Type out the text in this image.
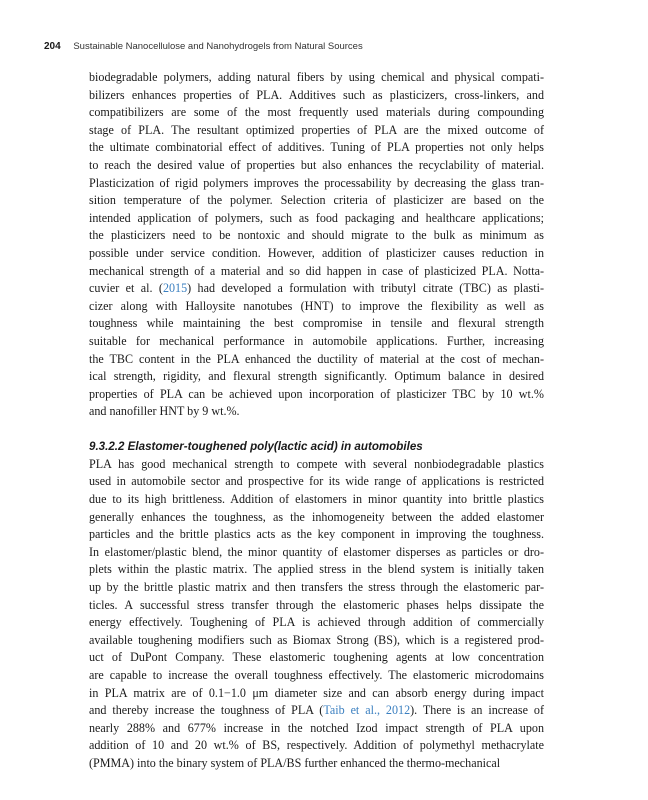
204 Sustainable Nanocellulose and Nanohydrogels from Natural Sources
biodegradable polymers, adding natural fibers by using chemical and physical compati-
bilizers enhances properties of PLA. Additives such as plasticizers, cross-linkers, and
compatibilizers are some of the most frequently used materials during compounding
stage of PLA. The resultant optimized properties of PLA are the mixed outcome of
the ultimate combinatorial effect of additives. Tuning of PLA properties not only helps
to reach the desired value of properties but also enhances the recyclability of material.
Plasticization of rigid polymers improves the processability by decreasing the glass tran-
sition temperature of the polymer. Selection criteria of plasticizer are based on the
intended application of polymers, such as food packaging and healthcare applications;
the plasticizers need to be nontoxic and should migrate to the bulk as minimum as
possible under service condition. However, addition of plasticizer causes reduction in
mechanical strength of a material and so did happen in case of plasticized PLA. Notta-
cuvier et al. (2015) had developed a formulation with tributyl citrate (TBC) as plasti-
cizer along with Halloysite nanotubes (HNT) to improve the flexibility as well as
toughness while maintaining the best compromise in tensile and flexural strength
suitable for mechanical performance in automobile applications. Further, increasing
the TBC content in the PLA enhanced the ductility of material at the cost of mechan-
ical strength, rigidity, and flexural strength significantly. Optimum balance in desired
properties of PLA can be achieved upon incorporation of plasticizer TBC by 10 wt.%
and nanofiller HNT by 9 wt.%.
9.3.2.2 Elastomer-toughened poly(lactic acid) in automobiles
PLA has good mechanical strength to compete with several nonbiodegradable plastics
used in automobile sector and prospective for its wide range of applications is restricted
due to its high brittleness. Addition of elastomers in minor quantity into brittle plastics
generally enhances the toughness, as the inhomogeneity between the added elastomer
particles and the brittle plastics acts as the key component in improving the toughness.
In elastomer/plastic blend, the minor quantity of elastomer disperses as particles or dro-
plets within the plastic matrix. The applied stress in the blend system is initially taken
up by the brittle plastic matrix and then transfers the stress through the elastomeric par-
ticles. A successful stress transfer through the elastomeric phases helps dissipate the
energy effectively. Toughening of PLA is achieved through addition of commercially
available toughening modifiers such as Biomax Strong (BS), which is a registered prod-
uct of DuPont Company. These elastomeric toughening agents at low concentration
are capable to increase the overall toughness effectively. The elastomeric microdomains
in PLA matrix are of 0.1−1.0 μm diameter size and can absorb energy during impact
and thereby increase the toughness of PLA (Taib et al., 2012). There is an increase of
nearly 288% and 677% increase in the notched Izod impact strength of PLA upon
addition of 10 and 20 wt.% of BS, respectively. Addition of polymethyl methacrylate
(PMMA) into the binary system of PLA/BS further enhanced the thermo-mechanical
